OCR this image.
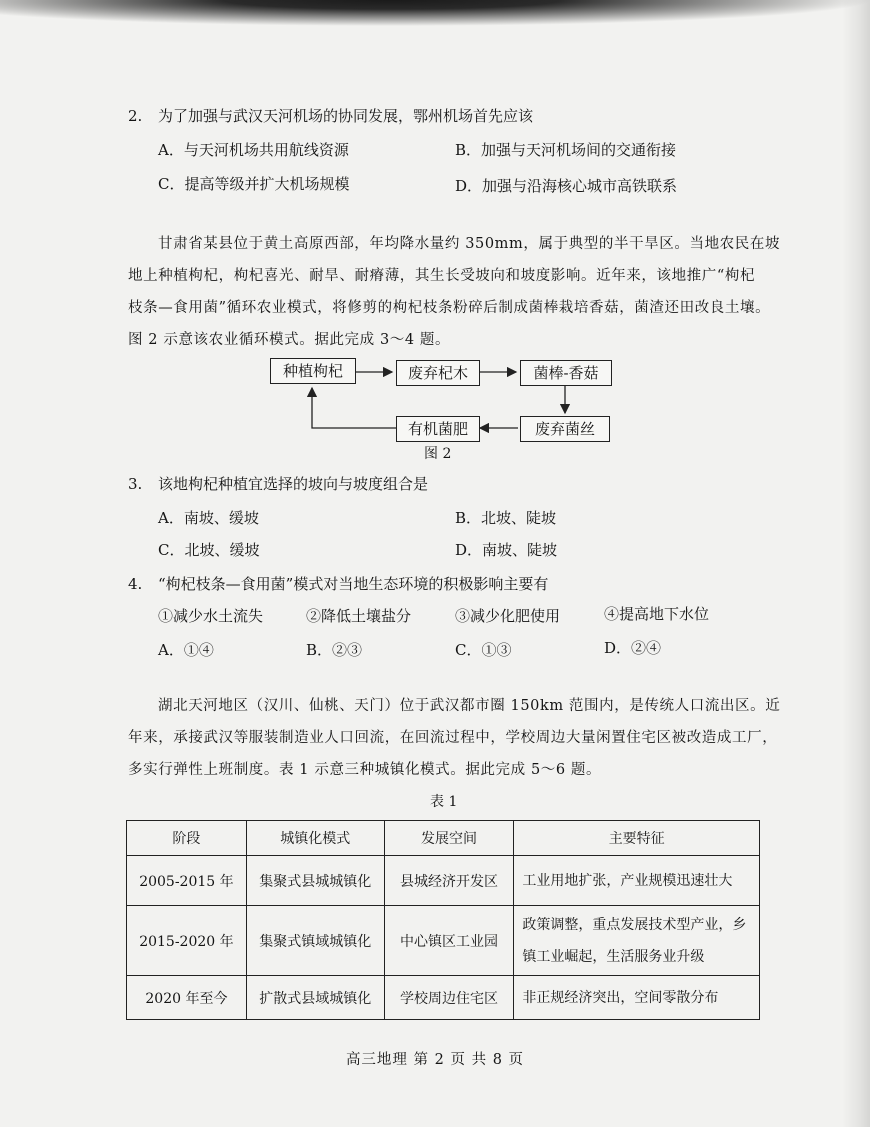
2. 为了加强与武汉天河机场的协同发展，鄂州机场首先应该
A．与天河机场共用航线资源	B．加强与天河机场间的交通衔接
C．提高等级并扩大机场规模	D．加强与沿海核心城市高铁联系
甘肃省某县位于黄土高原西部，年均降水量约 350mm，属于典型的半干旱区。当地农民在坡
地上种植枸杞，枸杞喜光、耐旱、耐瘠薄，其生长受坡向和坡度影响。近年来，该地推广“枸杞
枝条—食用菌”循环农业模式，将修剪的枸杞枝条粉碎后制成菌棒栽培香菇，菌渣还田改良土壤。
图 2 示意该农业循环模式。据此完成 3～4 题。
种植枸杞	废弃杞木	菌棒-香菇
废弃菌丝
有机菌肥
图 2
3. 该地枸杞种植宜选择的坡向与坡度组合是
A．南坡、缓坡	B．北坡、陡坡
C．北坡、缓坡	D．南坡、陡坡
4. “枸杞枝条—食用菌”模式对当地生态环境的积极影响主要有
①减少水土流失	②降低土壤盐分	③减少化肥使用	④提高地下水位
A．①④	B．②③	C．①③	D．②④
湖北天河地区（汉川、仙桃、天门）位于武汉都市圈 150km 范围内，是传统人口流出区。近
年来，承接武汉等服装制造业人口回流，在回流过程中，学校周边大量闲置住宅区被改造成工厂，
多实行弹性上班制度。表 1 示意三种城镇化模式。据此完成 5～6 题。
表 1
阶段	城镇化模式	发展空间	主要特征
2005-2015 年	集聚式县城城镇化	县城经济开发区	工业用地扩张，产业规模迅速壮大
2015-2020 年	集聚式镇域城镇化	中心镇区工业园	政策调整，重点发展技术型产业，乡镇工业崛起，生活服务业升级
2020 年至今	扩散式县域城镇化	学校周边住宅区	非正规经济突出，空间零散分布
高三地理 第 2 页 共 8 页
